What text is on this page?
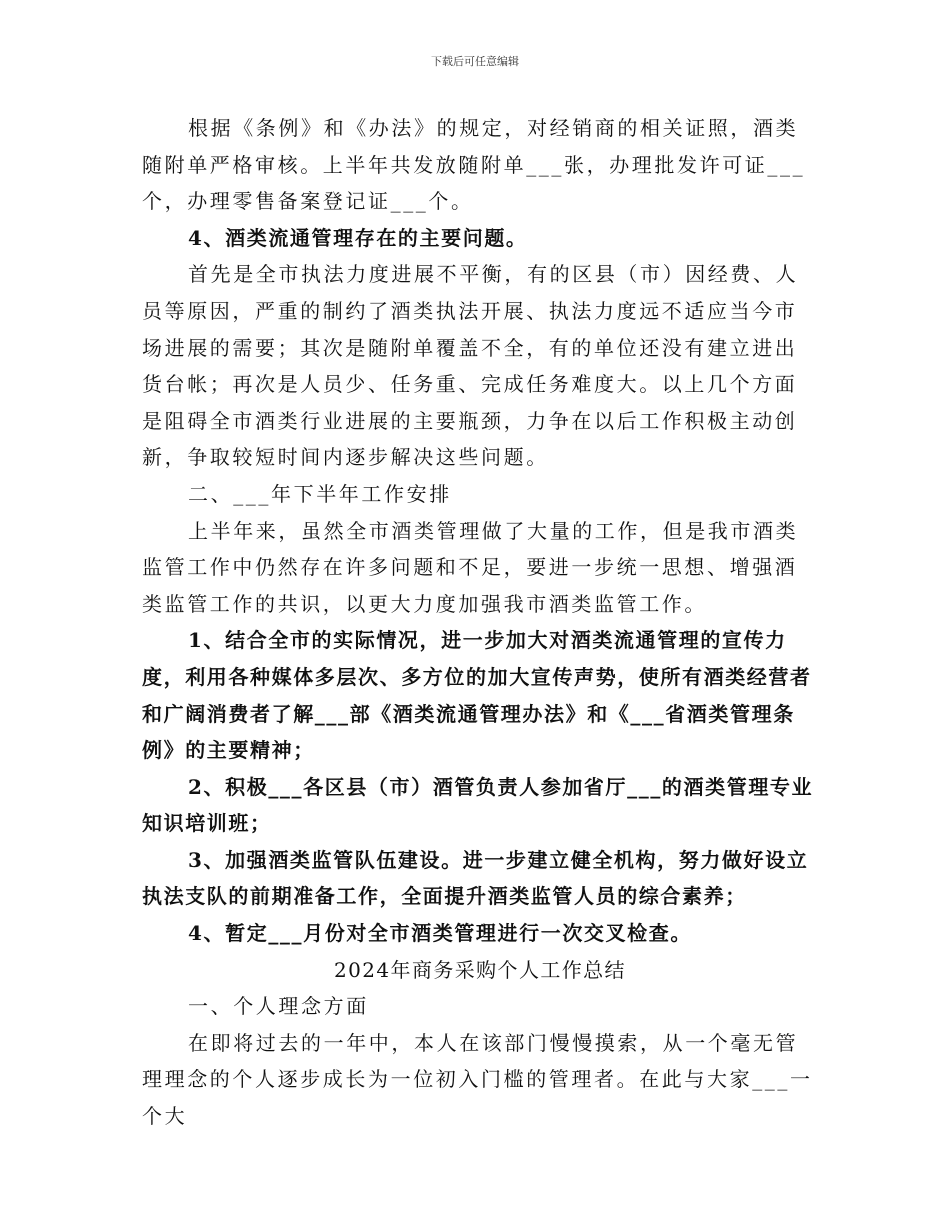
下载后可任意编辑

根据《条例》和《办法》的规定，对经销商的相关证照，酒类随附单严格审核。上半年共发放随附单___张，办理批发许可证___个，办理零售备案登记证___个。

4、酒类流通管理存在的主要问题。

首先是全市执法力度进展不平衡，有的区县（市）因经费、人员等原因，严重的制约了酒类执法开展、执法力度远不适应当今市场进展的需要；其次是随附单覆盖不全，有的单位还没有建立进出货台帐；再次是人员少、任务重、完成任务难度大。以上几个方面是阻碍全市酒类行业进展的主要瓶颈，力争在以后工作积极主动创新，争取较短时间内逐步解决这些问题。

二、___年下半年工作安排

上半年来，虽然全市酒类管理做了大量的工作，但是我市酒类监管工作中仍然存在许多问题和不足，要进一步统一思想、增强酒类监管工作的共识，以更大力度加强我市酒类监管工作。

1、结合全市的实际情况，进一步加大对酒类流通管理的宣传力度，利用各种媒体多层次、多方位的加大宣传声势，使所有酒类经营者和广阔消费者了解___部《酒类流通管理办法》和《___省酒类管理条例》的主要精神；

2、积极___各区县（市）酒管负责人参加省厅___的酒类管理专业知识培训班；

3、加强酒类监管队伍建设。进一步建立健全机构，努力做好设立执法支队的前期准备工作，全面提升酒类监管人员的综合素养；

4、暂定___月份对全市酒类管理进行一次交叉检查。

2024年商务采购个人工作总结

一、个人理念方面

在即将过去的一年中，本人在该部门慢慢摸索，从一个毫无管理理念的个人逐步成长为一位初入门槛的管理者。在此与大家___一个大
